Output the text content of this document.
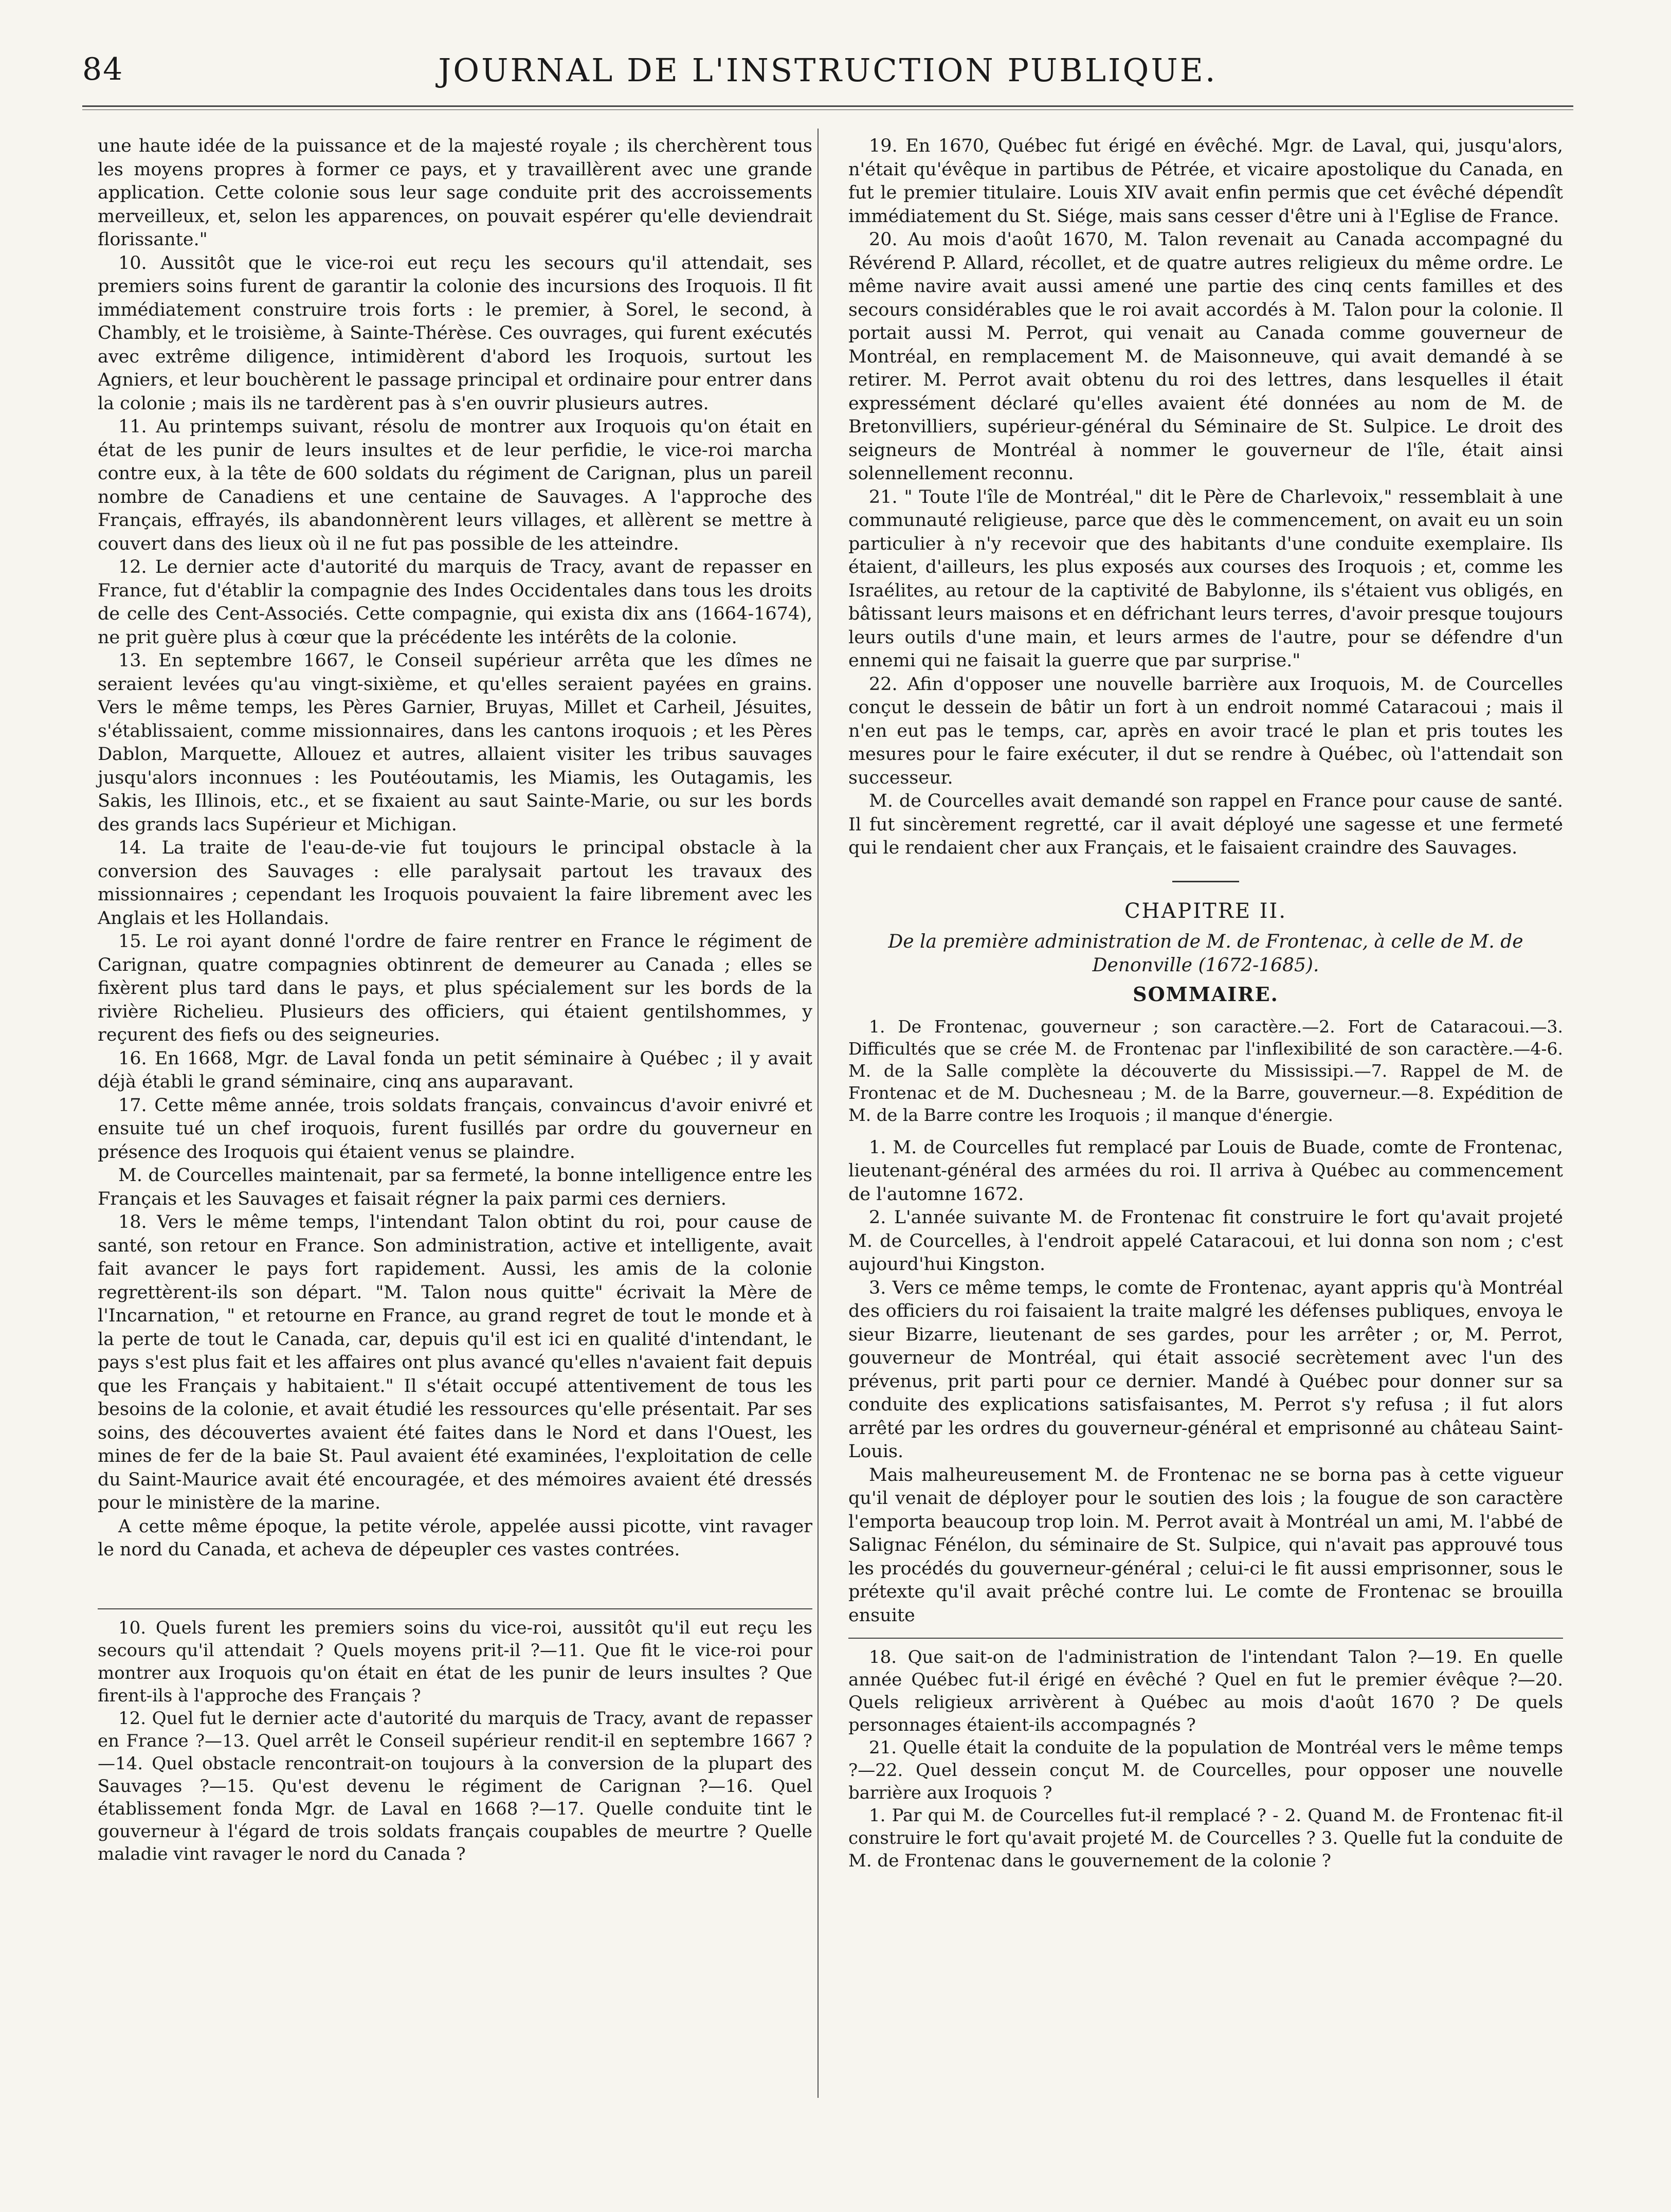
84	JOURNAL DE L'INSTRUCTION PUBLIQUE.

une haute idée de la puissance et de la majesté royale ; ils cherchèrent tous les moyens propres à former ce pays, et y travaillèrent avec une grande application. Cette colonie sous leur sage conduite prit des accroissements merveilleux, et, selon les apparences, on pouvait espérer qu'elle deviendrait florissante."

10. Aussitôt que le vice-roi eut reçu les secours qu'il attendait, ses premiers soins furent de garantir la colonie des incursions des Iroquois. Il fit immédiatement construire trois forts : le premier, à Sorel, le second, à Chambly, et le troisième, à Sainte-Thérèse. Ces ouvrages, qui furent exécutés avec extrême diligence, intimidèrent d'abord les Iroquois, surtout les Agniers, et leur bouchèrent le passage principal et ordinaire pour entrer dans la colonie ; mais ils ne tardèrent pas à s'en ouvrir plusieurs autres.

11. Au printemps suivant, résolu de montrer aux Iroquois qu'on était en état de les punir de leurs insultes et de leur perfidie, le vice-roi marcha contre eux, à la tête de 600 soldats du régiment de Carignan, plus un pareil nombre de Canadiens et une centaine de Sauvages. A l'approche des Français, effrayés, ils abandonnèrent leurs villages, et allèrent se mettre à couvert dans des lieux où il ne fut pas possible de les atteindre.

12. Le dernier acte d'autorité du marquis de Tracy, avant de repasser en France, fut d'établir la compagnie des Indes Occidentales dans tous les droits de celle des Cent-Associés. Cette compagnie, qui exista dix ans (1664-1674), ne prit guère plus à cœur que la précédente les intérêts de la colonie.

13. En septembre 1667, le Conseil supérieur arrêta que les dîmes ne seraient levées qu'au vingt-sixième, et qu'elles seraient payées en grains. Vers le même temps, les Pères Garnier, Bruyas, Millet et Carheil, Jésuites, s'établissaient, comme missionnaires, dans les cantons iroquois ; et les Pères Dablon, Marquette, Allouez et autres, allaient visiter les tribus sauvages jusqu'alors inconnues : les Poutéoutamis, les Miamis, les Outagamis, les Sakis, les Illinois, etc., et se fixaient au saut Sainte-Marie, ou sur les bords des grands lacs Supérieur et Michigan.

14. La traite de l'eau-de-vie fut toujours le principal obstacle à la conversion des Sauvages : elle paralysait partout les travaux des missionnaires ; cependant les Iroquois pouvaient la faire librement avec les Anglais et les Hollandais.

15. Le roi ayant donné l'ordre de faire rentrer en France le régiment de Carignan, quatre compagnies obtinrent de demeurer au Canada ; elles se fixèrent plus tard dans le pays, et plus spécialement sur les bords de la rivière Richelieu. Plusieurs des officiers, qui étaient gentilshommes, y reçurent des fiefs ou des seigneuries.

16. En 1668, Mgr. de Laval fonda un petit séminaire à Québec ; il y avait déjà établi le grand séminaire, cinq ans auparavant.

17. Cette même année, trois soldats français, convaincus d'avoir enivré et ensuite tué un chef iroquois, furent fusillés par ordre du gouverneur en présence des Iroquois qui étaient venus se plaindre.

M. de Courcelles maintenait, par sa fermeté, la bonne intelligence entre les Français et les Sauvages et faisait régner la paix parmi ces derniers.

18. Vers le même temps, l'intendant Talon obtint du roi, pour cause de santé, son retour en France. Son administration, active et intelligente, avait fait avancer le pays fort rapidement. Aussi, les amis de la colonie regrettèrent-ils son départ. "M. Talon nous quitte" écrivait la Mère de l'Incarnation, " et retourne en France, au grand regret de tout le monde et à la perte de tout le Canada, car, depuis qu'il est ici en qualité d'intendant, le pays s'est plus fait et les affaires ont plus avancé qu'elles n'avaient fait depuis que les Français y habitaient." Il s'était occupé attentivement de tous les besoins de la colonie, et avait étudié les ressources qu'elle présentait. Par ses soins, des découvertes avaient été faites dans le Nord et dans l'Ouest, les mines de fer de la baie St. Paul avaient été examinées, l'exploitation de celle du Saint-Maurice avait été encouragée, et des mémoires avaient été dressés pour le ministère de la marine.

A cette même époque, la petite vérole, appelée aussi picotte, vint ravager le nord du Canada, et acheva de dépeupler ces vastes contrées.

10. Quels furent les premiers soins du vice-roi, aussitôt qu'il eut reçu les secours qu'il attendait ? Quels moyens prit-il ?—11. Que fit le vice-roi pour montrer aux Iroquois qu'on était en état de les punir de leurs insultes ? Que firent-ils à l'approche des Français ?

12. Quel fut le dernier acte d'autorité du marquis de Tracy, avant de repasser en France ?—13. Quel arrêt le Conseil supérieur rendit-il en septembre 1667 ?—14. Quel obstacle rencontrait-on toujours à la conversion de la plupart des Sauvages ?—15. Qu'est devenu le régiment de Carignan ?—16. Quel établissement fonda Mgr. de Laval en 1668 ?—17. Quelle conduite tint le gouverneur à l'égard de trois soldats français coupables de meurtre ? Quelle maladie vint ravager le nord du Canada ?

19. En 1670, Québec fut érigé en évêché. Mgr. de Laval, qui, jusqu'alors, n'était qu'évêque in partibus de Pétrée, et vicaire apostolique du Canada, en fut le premier titulaire. Louis XIV avait enfin permis que cet évêché dépendît immédiatement du St. Siége, mais sans cesser d'être uni à l'Eglise de France.

20. Au mois d'août 1670, M. Talon revenait au Canada accompagné du Révérend P. Allard, récollet, et de quatre autres religieux du même ordre. Le même navire avait aussi amené une partie des cinq cents familles et des secours considérables que le roi avait accordés à M. Talon pour la colonie. Il portait aussi M. Perrot, qui venait au Canada comme gouverneur de Montréal, en remplacement M. de Maisonneuve, qui avait demandé à se retirer. M. Perrot avait obtenu du roi des lettres, dans lesquelles il était expressément déclaré qu'elles avaient été données au nom de M. de Bretonvilliers, supérieur-général du Séminaire de St. Sulpice. Le droit des seigneurs de Montréal à nommer le gouverneur de l'île, était ainsi solennellement reconnu.

21. " Toute l'île de Montréal," dit le Père de Charlevoix," ressemblait à une communauté religieuse, parce que dès le commencement, on avait eu un soin particulier à n'y recevoir que des habitants d'une conduite exemplaire. Ils étaient, d'ailleurs, les plus exposés aux courses des Iroquois ; et, comme les Israélites, au retour de la captivité de Babylonne, ils s'étaient vus obligés, en bâtissant leurs maisons et en défrichant leurs terres, d'avoir presque toujours leurs outils d'une main, et leurs armes de l'autre, pour se défendre d'un ennemi qui ne faisait la guerre que par surprise."

22. Afin d'opposer une nouvelle barrière aux Iroquois, M. de Courcelles conçut le dessein de bâtir un fort à un endroit nommé Cataracoui ; mais il n'en eut pas le temps, car, après en avoir tracé le plan et pris toutes les mesures pour le faire exécuter, il dut se rendre à Québec, où l'attendait son successeur.

M. de Courcelles avait demandé son rappel en France pour cause de santé. Il fut sincèrement regretté, car il avait déployé une sagesse et une fermeté qui le rendaient cher aux Français, et le faisaient craindre des Sauvages.

CHAPITRE II.
De la première administration de M. de Frontenac, à celle de M. de Denonville (1672-1685).
SOMMAIRE.

1. De Frontenac, gouverneur ; son caractère.—2. Fort de Cataracoui.—3. Difficultés que se crée M. de Frontenac par l'inflexibilité de son caractère.—4-6. M. de la Salle complète la découverte du Mississipi.—7. Rappel de M. de Frontenac et de M. Duchesneau ; M. de la Barre, gouverneur.—8. Expédition de M. de la Barre contre les Iroquois ; il manque d'énergie.

1. M. de Courcelles fut remplacé par Louis de Buade, comte de Frontenac, lieutenant-général des armées du roi. Il arriva à Québec au commencement de l'automne 1672.

2. L'année suivante M. de Frontenac fit construire le fort qu'avait projeté M. de Courcelles, à l'endroit appelé Cataracoui, et lui donna son nom ; c'est aujourd'hui Kingston.

3. Vers ce même temps, le comte de Frontenac, ayant appris qu'à Montréal des officiers du roi faisaient la traite malgré les défenses publiques, envoya le sieur Bizarre, lieutenant de ses gardes, pour les arrêter ; or, M. Perrot, gouverneur de Montréal, qui était associé secrètement avec l'un des prévenus, prit parti pour ce dernier. Mandé à Québec pour donner sur sa conduite des explications satisfaisantes, M. Perrot s'y refusa ; il fut alors arrêté par les ordres du gouverneur-général et emprisonné au château Saint-Louis.

Mais malheureusement M. de Frontenac ne se borna pas à cette vigueur qu'il venait de déployer pour le soutien des lois ; la fougue de son caractère l'emporta beaucoup trop loin. M. Perrot avait à Montréal un ami, M. l'abbé de Salignac Fénélon, du séminaire de St. Sulpice, qui n'avait pas approuvé tous les procédés du gouverneur-général ; celui-ci le fit aussi emprisonner, sous le prétexte qu'il avait prêché contre lui. Le comte de Frontenac se brouilla ensuite

18. Que sait-on de l'administration de l'intendant Talon ?—19. En quelle année Québec fut-il érigé en évêché ? Quel en fut le premier évêque ?—20. Quels religieux arrivèrent à Québec au mois d'août 1670 ? De quels personnages étaient-ils accompagnés ?

21. Quelle était la conduite de la population de Montréal vers le même temps ?—22. Quel dessein conçut M. de Courcelles, pour opposer une nouvelle barrière aux Iroquois ?

1. Par qui M. de Courcelles fut-il remplacé ? - 2. Quand M. de Frontenac fit-il construire le fort qu'avait projeté M. de Courcelles ? 3. Quelle fut la conduite de M. de Frontenac dans le gouvernement de la colonie ?
